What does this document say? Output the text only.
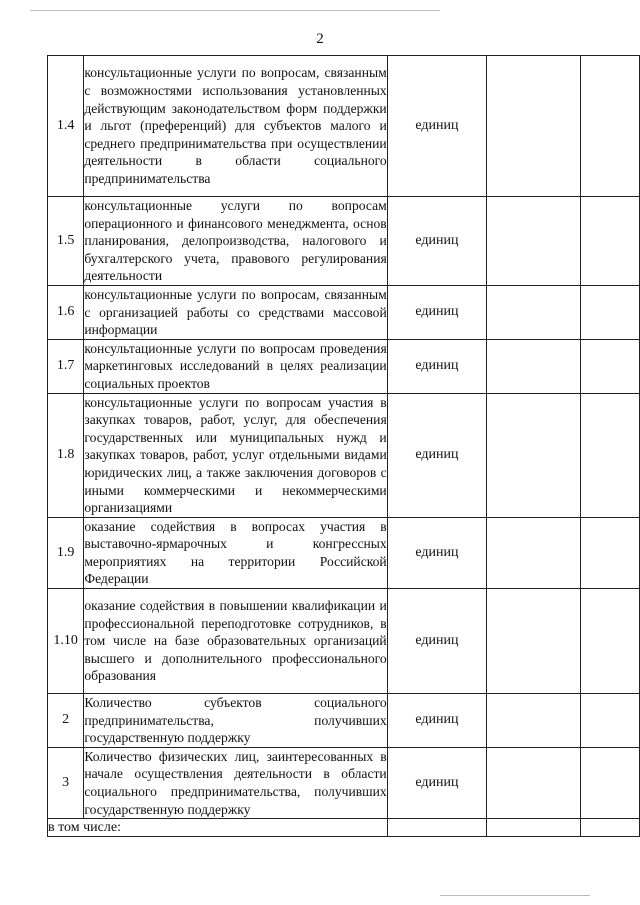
2
1.4	консультационные услуги по вопросам, связанным с возможностями использования установленных действующим законодательством форм поддержки и льгот (преференций) для субъектов малого и среднего предпринимательства при осуществлении деятельности в области социального предпринимательства	единиц		
1.5	консультационные услуги по вопросам операционного и финансового менеджмента, основ планирования, делопроизводства, налогового и бухгалтерского учета, правового регулирования деятельности	единиц		
1.6	консультационные услуги по вопросам, связанным с организацией работы со средствами массовой информации	единиц		
1.7	консультационные услуги по вопросам проведения маркетинговых исследований в целях реализации социальных проектов	единиц		
1.8	консультационные услуги по вопросам участия в закупках товаров, работ, услуг, для обеспечения государственных или муниципальных нужд и закупках товаров, работ, услуг отдельными видами юридических лиц, а также заключения договоров с иными коммерческими и некоммерческими организациями	единиц		
1.9	оказание содействия в вопросах участия в выставочно-ярмарочных и конгрессных мероприятиях на территории Российской Федерации	единиц		
1.10	оказание содействия в повышении квалификации и профессиональной переподготовке сотрудников, в том числе на базе образовательных организаций высшего и дополнительного профессионального образования	единиц		
2	Количество субъектов социального предпринимательства, получивших государственную поддержку	единиц		
3	Количество физических лиц, заинтересованных в начале осуществления деятельности в области социального предпринимательства, получивших государственную поддержку	единиц		
в том числе:				
